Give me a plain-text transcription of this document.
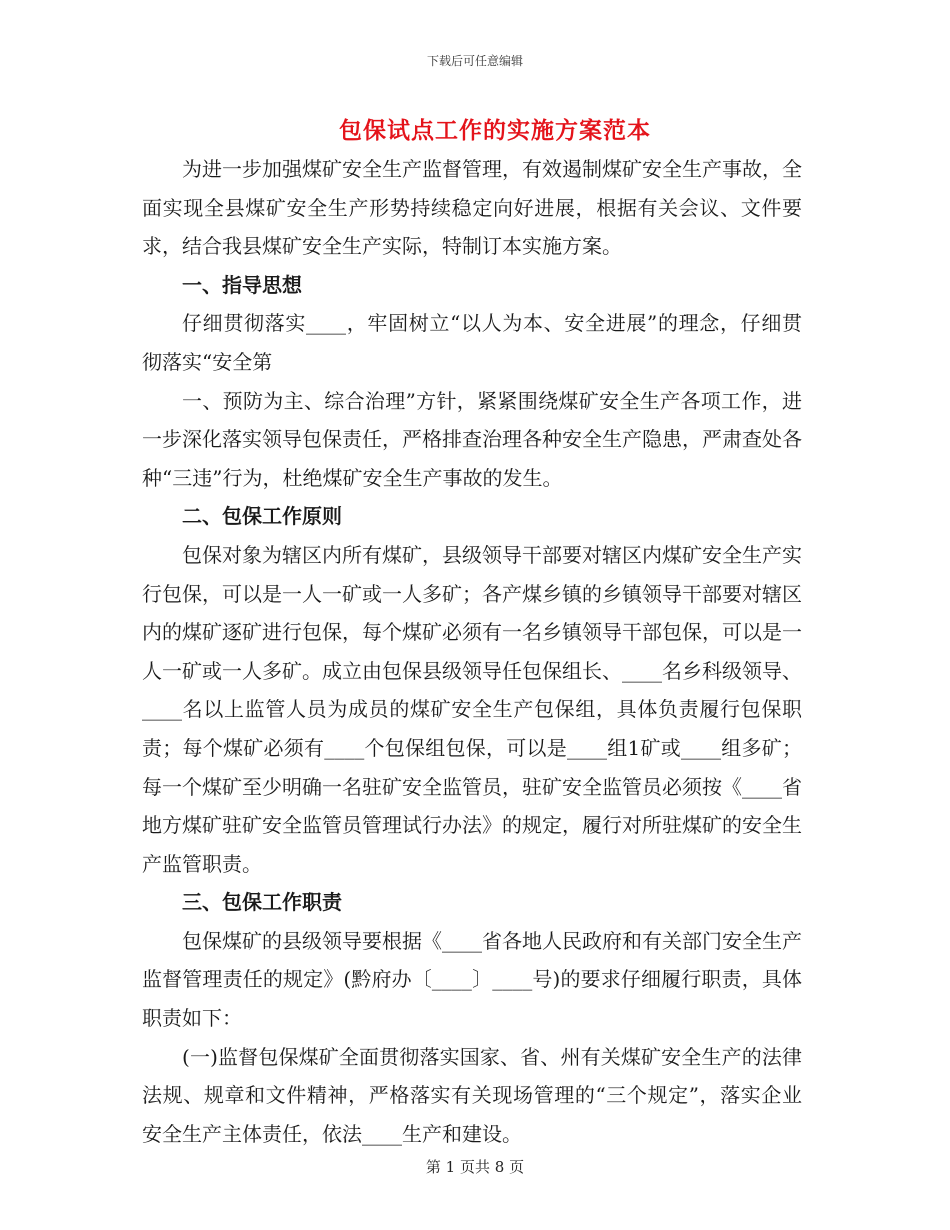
下载后可任意编辑
包保试点工作的实施方案范本

为进一步加强煤矿安全生产监督管理，有效遏制煤矿安全生产事故，全面实现全县煤矿安全生产形势持续稳定向好进展，根据有关会议、文件要求，结合我县煤矿安全生产实际，特制订本实施方案。

一、指导思想

仔细贯彻落实____，牢固树立“以人为本、安全进展”的理念，仔细贯彻落实“安全第

一、预防为主、综合治理”方针，紧紧围绕煤矿安全生产各项工作，进一步深化落实领导包保责任，严格排查治理各种安全生产隐患，严肃查处各种“三违”行为，杜绝煤矿安全生产事故的发生。

二、包保工作原则

包保对象为辖区内所有煤矿，县级领导干部要对辖区内煤矿安全生产实行包保，可以是一人一矿或一人多矿；各产煤乡镇的乡镇领导干部要对辖区内的煤矿逐矿进行包保，每个煤矿必须有一名乡镇领导干部包保，可以是一人一矿或一人多矿。成立由包保县级领导任包保组长、____名乡科级领导、____名以上监管人员为成员的煤矿安全生产包保组，具体负责履行包保职责；每个煤矿必须有____个包保组包保，可以是____组1矿或____组多矿；每一个煤矿至少明确一名驻矿安全监管员，驻矿安全监管员必须按《____省地方煤矿驻矿安全监管员管理试行办法》的规定，履行对所驻煤矿的安全生产监管职责。

三、包保工作职责

包保煤矿的县级领导要根据《____省各地人民政府和有关部门安全生产监督管理责任的规定》(黔府办〔____〕____号)的要求仔细履行职责，具体职责如下：

(一)监督包保煤矿全面贯彻落实国家、省、州有关煤矿安全生产的法律法规、规章和文件精神，严格落实有关现场管理的“三个规定”，落实企业安全生产主体责任，依法____生产和建设。

第 1 页共 8 页
